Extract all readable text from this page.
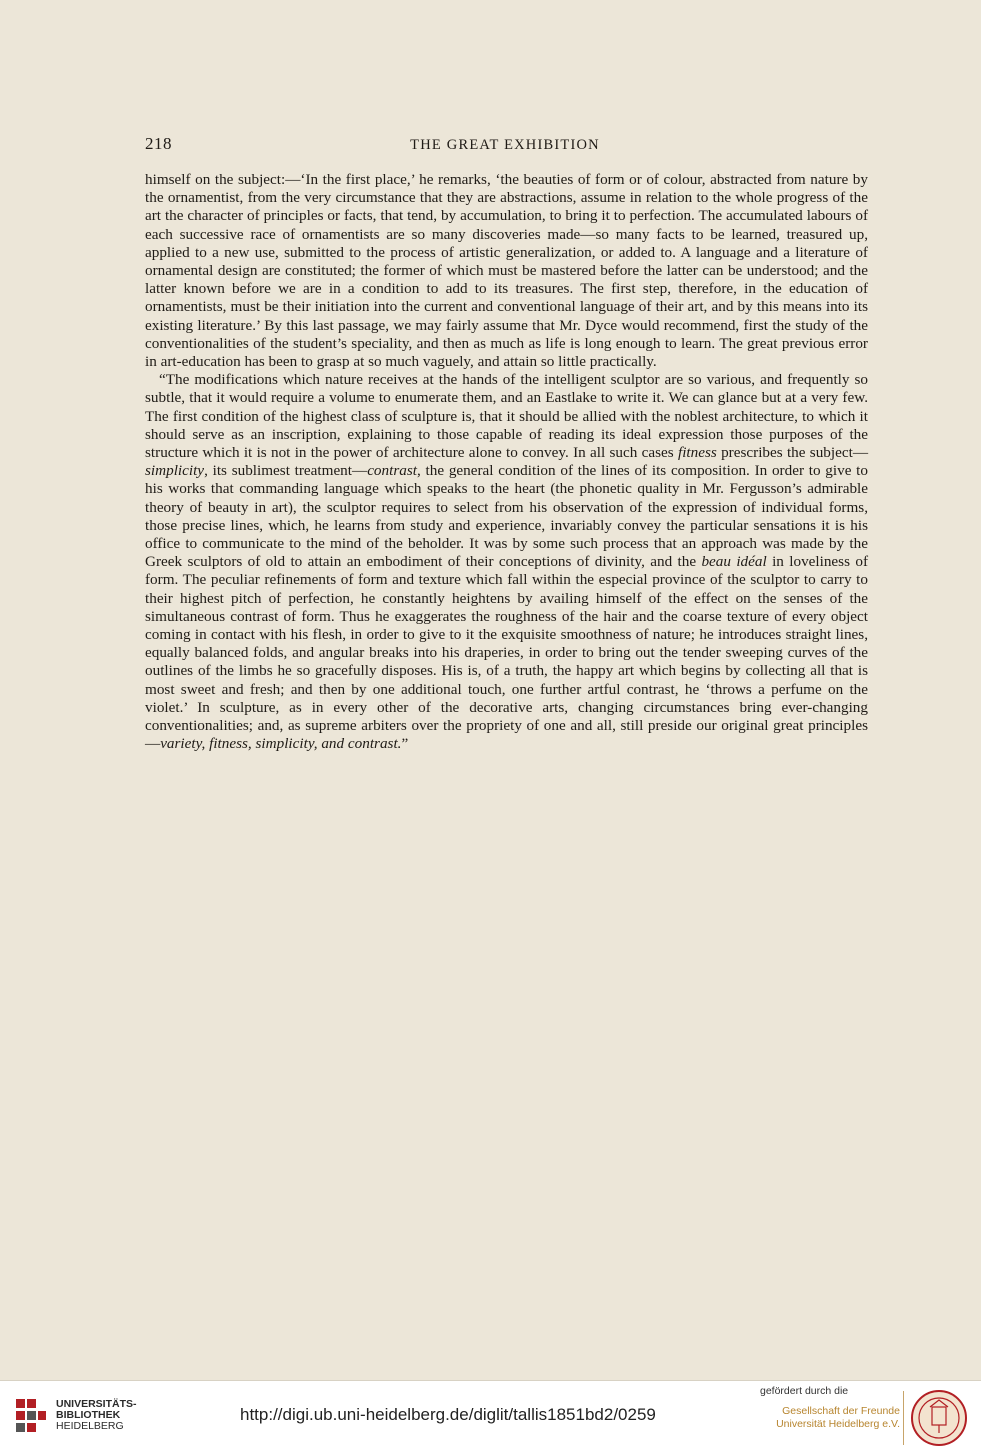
218	THE GREAT EXHIBITION

himself on the subject:—‘In the first place,’ he remarks, ‘the beauties of form or of colour, abstracted from nature by the ornamentist, from the very circumstance that they are abstractions, assume in relation to the whole progress of the art the character of principles or facts, that tend, by accumulation, to bring it to perfection. The accumulated labours of each successive race of ornamentists are so many discoveries made—so many facts to be learned, treasured up, applied to a new use, submitted to the process of artistic generalization, or added to. A language and a literature of ornamental design are constituted; the former of which must be mastered before the latter can be understood; and the latter known before we are in a condition to add to its treasures. The first step, therefore, in the education of ornamentists, must be their initiation into the current and conventional language of their art, and by this means into its existing literature.’ By this last passage, we may fairly assume that Mr. Dyce would recommend, first the study of the conventionalities of the student’s speciality, and then as much as life is long enough to learn. The great previous error in art-education has been to grasp at so much vaguely, and attain so little practically.

“The modifications which nature receives at the hands of the intelligent sculptor are so various, and frequently so subtle, that it would require a volume to enumerate them, and an Eastlake to write it. We can glance but at a very few. The first condition of the highest class of sculpture is, that it should be allied with the noblest architecture, to which it should serve as an inscription, explaining to those capable of reading its ideal expression those purposes of the structure which it is not in the power of architecture alone to convey. In all such cases fitness prescribes the subject—simplicity, its sublimest treatment—contrast, the general condition of the lines of its composition. In order to give to his works that commanding language which speaks to the heart (the phonetic quality in Mr. Fergusson’s admirable theory of beauty in art), the sculptor requires to select from his observation of the expression of individual forms, those precise lines, which, he learns from study and experience, invariably convey the particular sensations it is his office to communicate to the mind of the beholder. It was by some such process that an approach was made by the Greek sculptors of old to attain an embodiment of their conceptions of divinity, and the beau idéal in loveliness of form. The peculiar refinements of form and texture which fall within the especial province of the sculptor to carry to their highest pitch of perfection, he constantly heightens by availing himself of the effect on the senses of the simultaneous contrast of form. Thus he exaggerates the roughness of the hair and the coarse texture of every object coming in contact with his flesh, in order to give to it the exquisite smoothness of nature; he introduces straight lines, equally balanced folds, and angular breaks into his draperies, in order to bring out the tender sweeping curves of the outlines of the limbs he so gracefully disposes. His is, of a truth, the happy art which begins by collecting all that is most sweet and fresh; and then by one additional touch, one further artful contrast, he ‘throws a perfume on the violet.’ In sculpture, as in every other of the decorative arts, changing circumstances bring ever-changing conventionalities; and, as supreme arbiters over the propriety of one and all, still preside our original great principles—variety, fitness, simplicity, and contrast.”

UNIVERSITÄTS-
BIBLIOTHEK
HEIDELBERG
http://digi.ub.uni-heidelberg.de/diglit/tallis1851bd2/0259
gefördert durch die
Gesellschaft der Freunde
Universität Heidelberg e.V.
